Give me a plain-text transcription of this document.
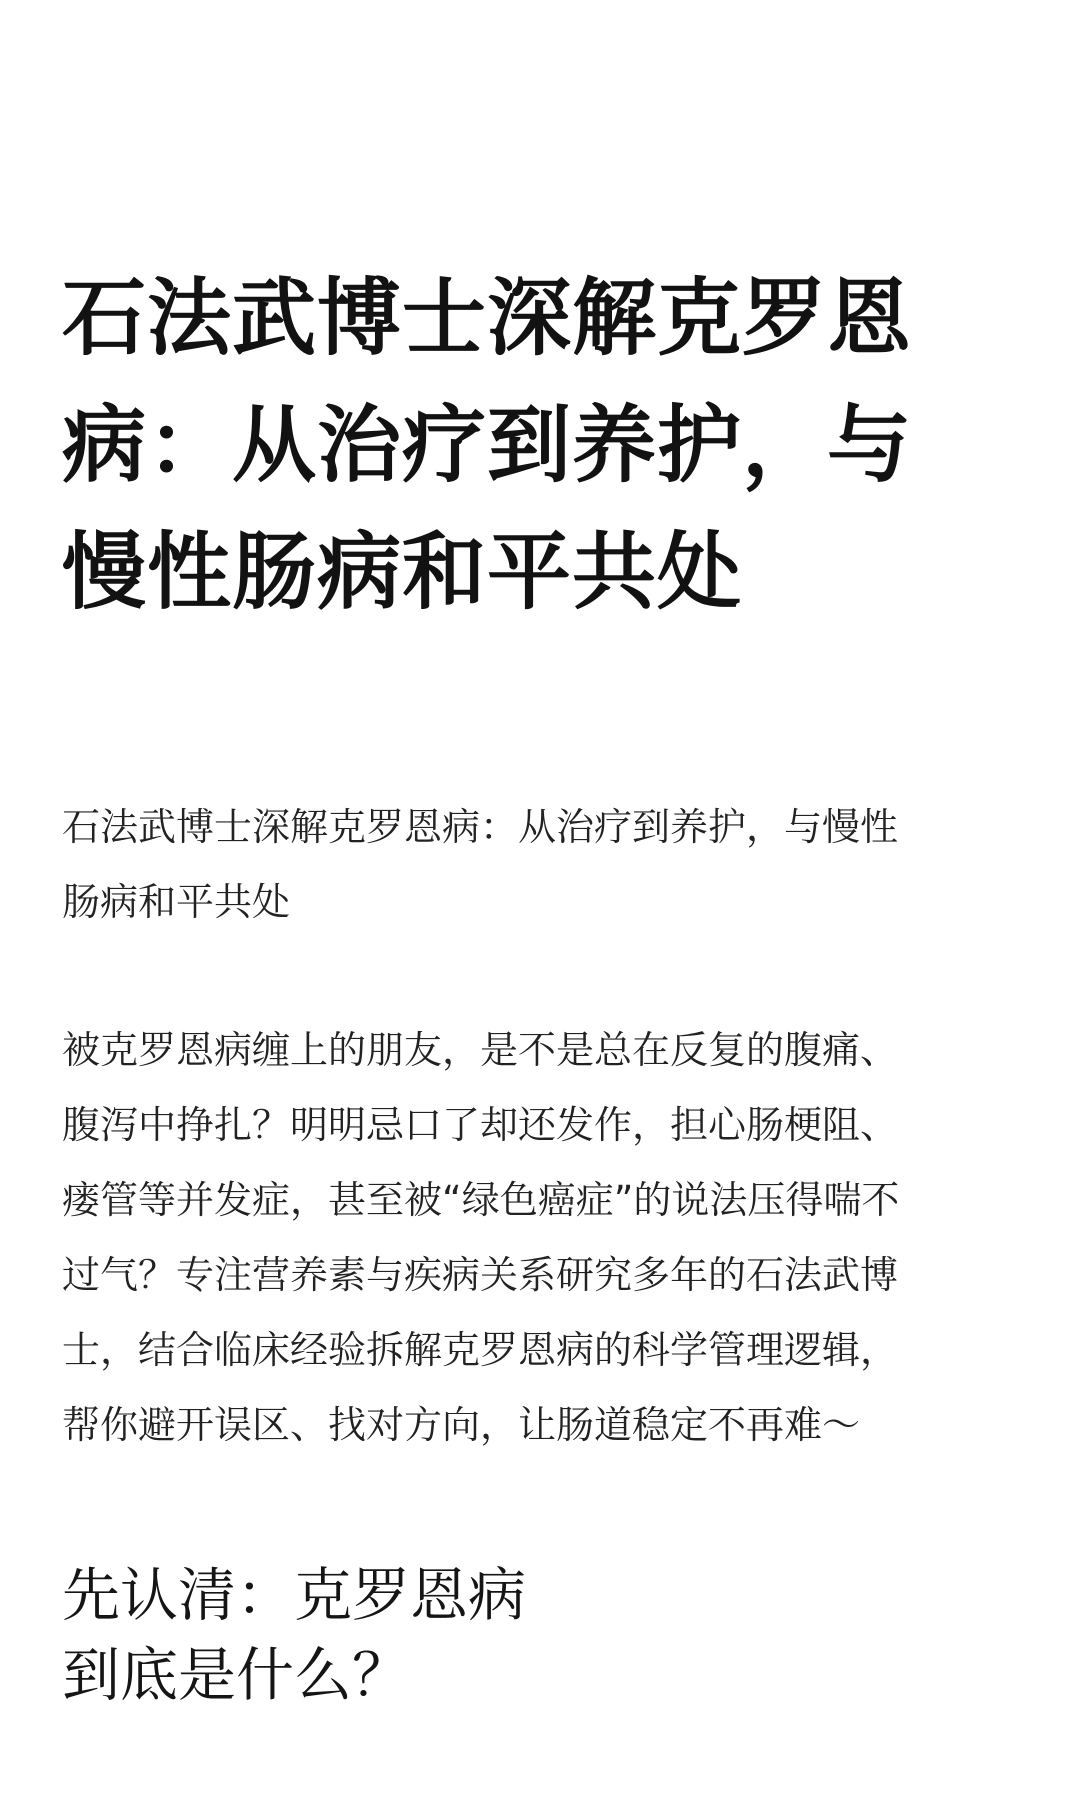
石法武博士深解克罗恩
病：从治疗到养护，与
慢性肠病和平共处

石法武博士深解克罗恩病：从治疗到养护，与慢性
肠病和平共处

被克罗恩病缠上的朋友，是不是总在反复的腹痛、
腹泻中挣扎？明明忌口了却还发作，担心肠梗阻、
瘘管等并发症，甚至被“绿色癌症”的说法压得喘不
过气？专注营养素与疾病关系研究多年的石法武博
士，结合临床经验拆解克罗恩病的科学管理逻辑，
帮你避开误区、找对方向，让肠道稳定不再难～

先认清：克罗恩病
到底是什么？
